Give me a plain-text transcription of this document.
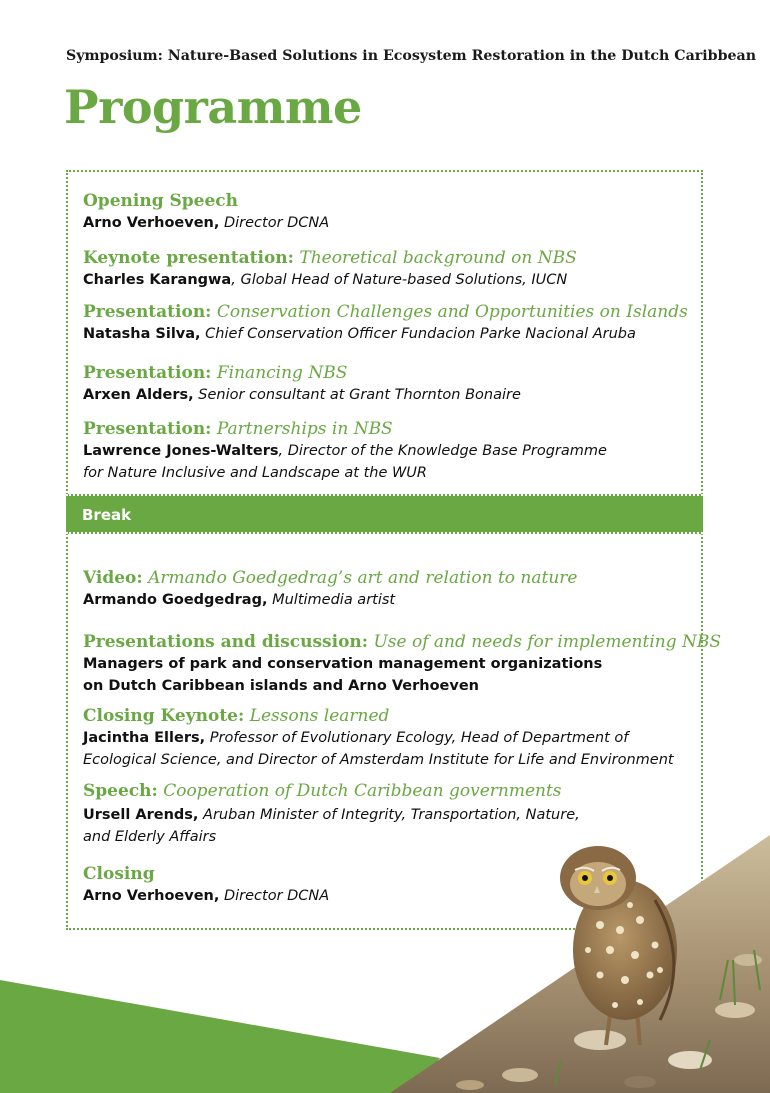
Symposium: Nature-Based Solutions in Ecosystem Restoration in the Dutch Caribbean
Programme
Opening Speech
Arno Verhoeven, Director DCNA
Keynote presentation: Theoretical background on NBS
Charles Karangwa, Global Head of Nature-based Solutions, IUCN
Presentation: Conservation Challenges and Opportunities on Islands
Natasha Silva, Chief Conservation Officer Fundacion Parke Nacional Aruba
Presentation: Financing NBS
Arxen Alders, Senior consultant at Grant Thornton Bonaire
Presentation: Partnerships in NBS
Lawrence Jones-Walters, Director of the Knowledge Base Programme
for Nature Inclusive and Landscape at the WUR
Break
Video: Armando Goedgedrag’s art and relation to nature
Armando Goedgedrag, Multimedia artist
Presentations and discussion: Use of and needs for implementing NBS
Managers of park and conservation management organizations
on Dutch Caribbean islands and Arno Verhoeven
Closing Keynote: Lessons learned
Jacintha Ellers, Professor of Evolutionary Ecology, Head of Department of
Ecological Science, and Director of Amsterdam Institute for Life and Environment
Speech: Cooperation of Dutch Caribbean governments
Ursell Arends, Aruban Minister of Integrity, Transportation, Nature,
and Elderly Affairs
Closing
Arno Verhoeven, Director DCNA
